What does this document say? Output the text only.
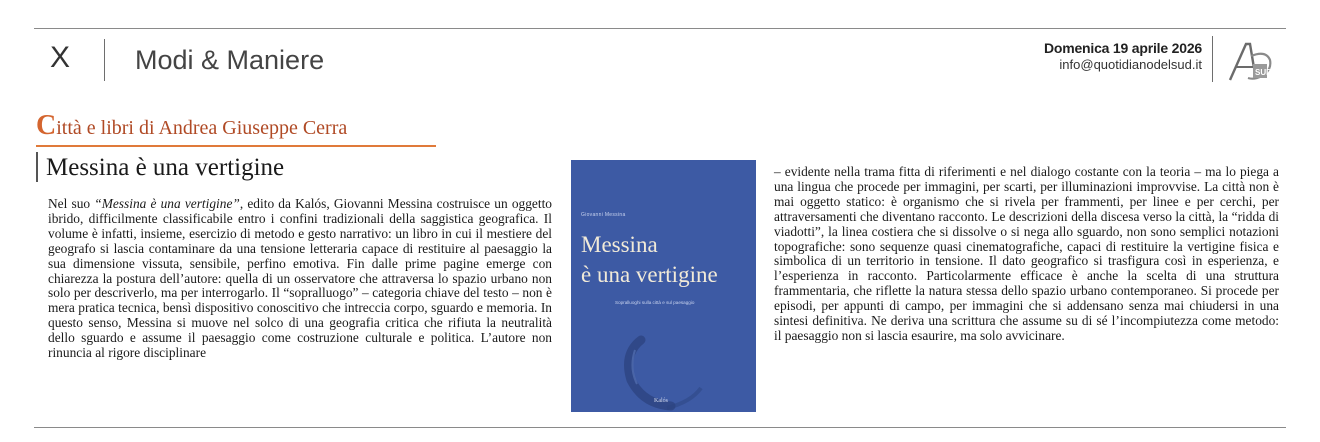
X Modi & Maniere	Domenica 19 aprile 2026
info@quotidianodelsud.it
SUD
Città e libri di Andrea Giuseppe Cerra
Messina è una vertigine
Nel suo “Messina è una vertigine”, edito da Kalós, Giovanni Messina costruisce un oggetto ibrido, difficilmente classificabile entro i confini tradizionali della saggistica geografica. Il volume è infatti, insieme, esercizio di metodo e gesto narrativo: un libro in cui il mestiere del geografo si lascia contaminare da una tensione letteraria capace di restituire al paesaggio la sua dimensione vissuta, sensibile, perfino emotiva. Fin dalle prime pagine emerge con chiarezza la postura dell’autore: quella di un osservatore che attraversa lo spazio urbano non solo per descriverlo, ma per interrogarlo. Il “sopralluogo” – categoria chiave del testo – non è mera pratica tecnica, bensì dispositivo conoscitivo che intreccia corpo, sguardo e memoria. In questo senso, Messina si muove nel solco di una geografia critica che rifiuta la neutralità dello sguardo e assume il paesaggio come costruzione culturale e politica. L’autore non rinuncia al rigore disciplinare
Giovanni Messina
Messina
è una vertigine
Sopralluoghi sulla città e sul paesaggio
Kalós
– evidente nella trama fitta di riferimenti e nel dialogo costante con la teoria – ma lo piega a una lingua che procede per immagini, per scarti, per illuminazioni improvvise. La città non è mai oggetto statico: è organismo che si rivela per frammenti, per linee e per cerchi, per attraversamenti che diventano racconto. Le descrizioni della discesa verso la città, la “ridda di viadotti”, la linea costiera che si dissolve o si nega allo sguardo, non sono semplici notazioni topografiche: sono sequenze quasi cinematografiche, capaci di restituire la vertigine fisica e simbolica di un territorio in tensione. Il dato geografico si trasfigura così in esperienza, e l’esperienza in racconto. Particolarmente efficace è anche la scelta di una struttura frammentaria, che riflette la natura stessa dello spazio urbano contemporaneo. Si procede per episodi, per appunti di campo, per immagini che si addensano senza mai chiudersi in una sintesi definitiva. Ne deriva una scrittura che assume su di sé l’incompiutezza come metodo: il paesaggio non si lascia esaurire, ma solo avvicinare.
